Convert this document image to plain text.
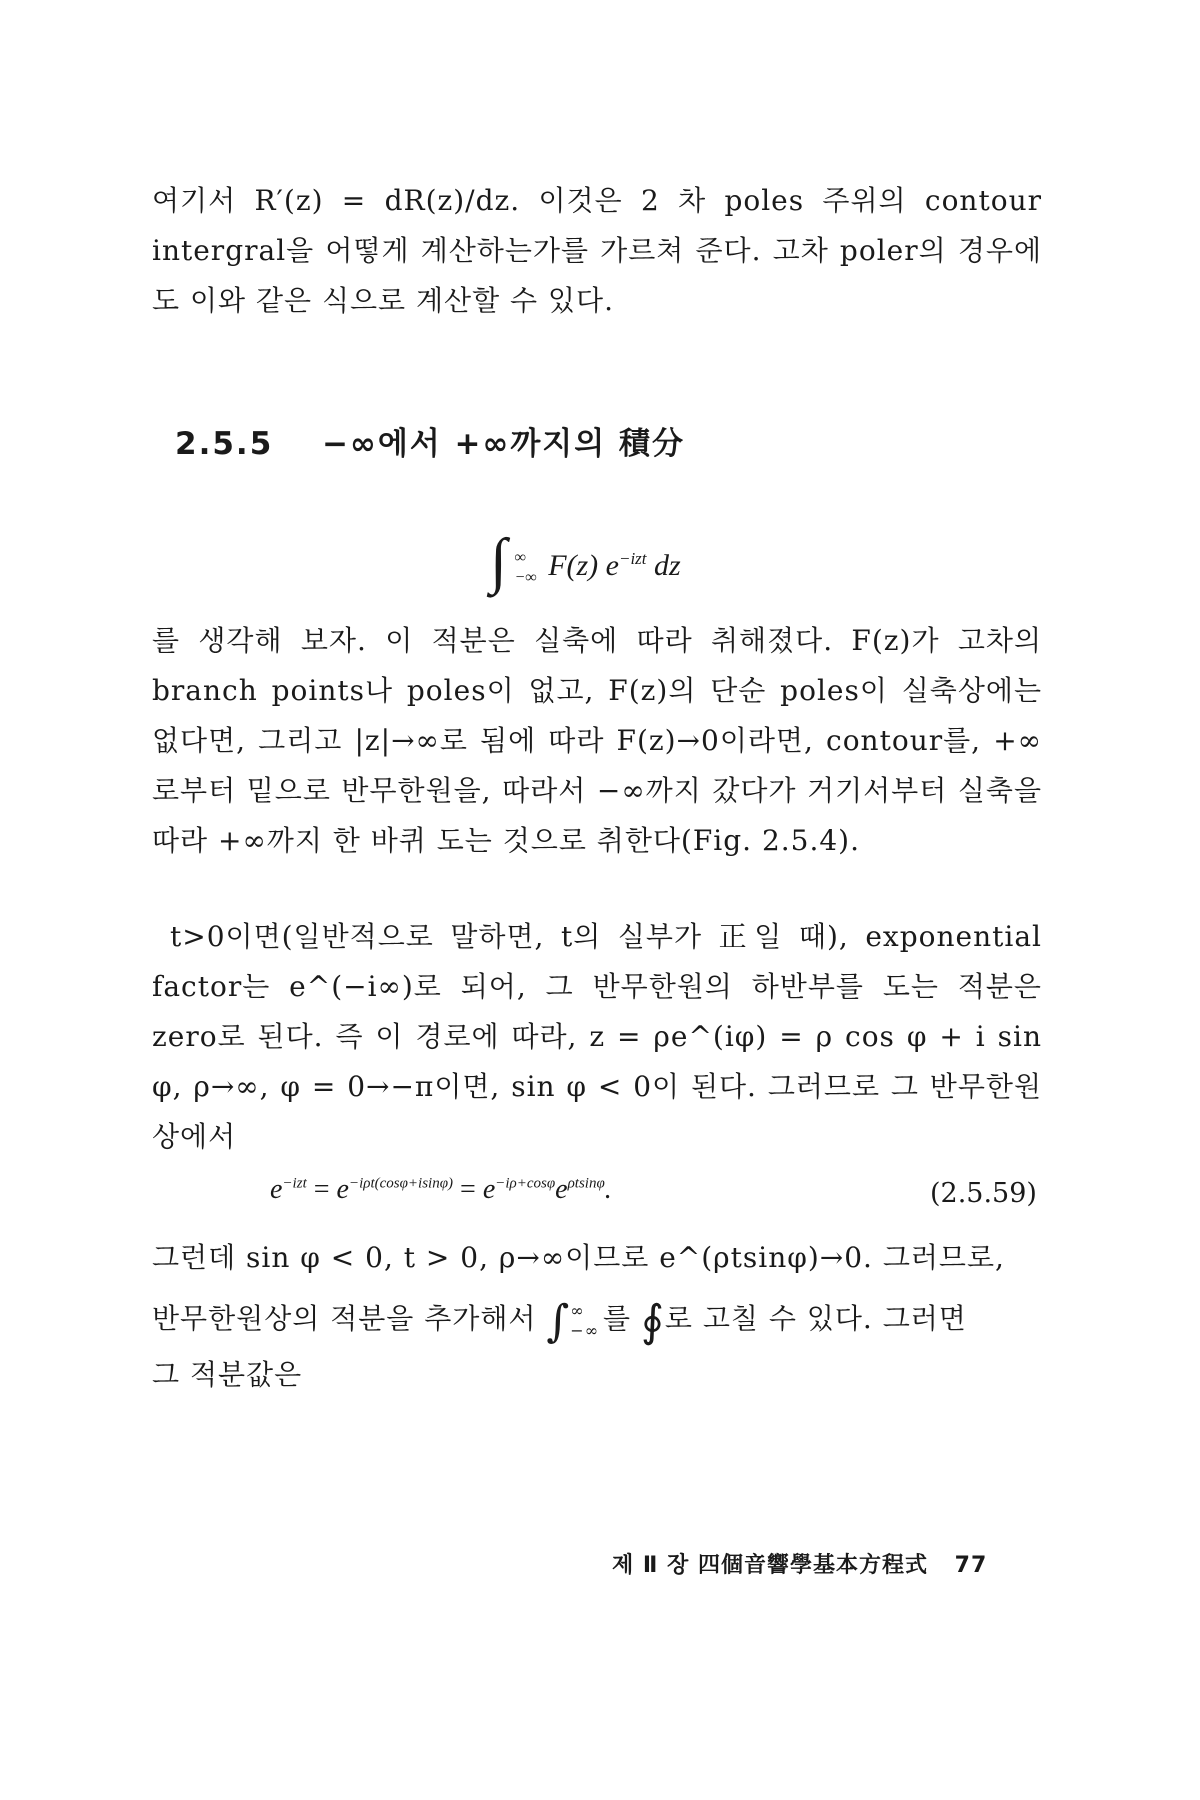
여기서 R′(z) = dR(z)/dz. 이것은 2 차 poles 주위의 contour intergral을 어떻게 계산하는가를 가르쳐 준다. 고차 poler의 경우에도 이와 같은 식으로 계산할 수 있다.

2.5.5 −∞에서 +∞까지의 積分
∫ ∞
−∞ F(z) $e^{-izt}$ dz

를 생각해 보자. 이 적분은 실축에 따라 취해졌다. F(z)가 고차의 branch points나 poles이 없고, F(z)의 단순 poles이 실축상에는 없다면, 그리고 |z|→∞로 됨에 따라 F(z)→0이라면, contour를, +∞로부터 밑으로 반무한원을, 따라서 −∞까지 갔다가 거기서부터 실축을 따라 +∞까지 한 바퀴 도는 것으로 취한다(Fig. 2.5.4).

t>0이면(일반적으로 말하면, t의 실부가 正일 때), exponential factor는 e^(−i∞)로 되어, 그 반무한원의 하반부를 도는 적분은 zero로 된다. 즉 이 경로에 따라, z = ρe^(iφ) = ρ cos φ + i sin φ, ρ→∞, φ = 0→−π이면, sin φ < 0이 된다. 그러므로 그 반무한원상에서

$e^{-izt} = e^{-i\rho t(cos\varphi+isin\varphi)} = e^{-i\rho+cos\varphi}e^{\rho tsin\varphi}$.	(2.5.59)
그런데 sin φ < 0, t > 0, ρ→∞이므로 e^(ρtsinφ)→0. 그러므로,
반무한원상의 적분을 추가해서 ∫ ∞
−∞ 를 ∮로 고칠 수 있다. 그러면
그 적분값은
제 Ⅱ 장 四個音響學基本方程式 77
